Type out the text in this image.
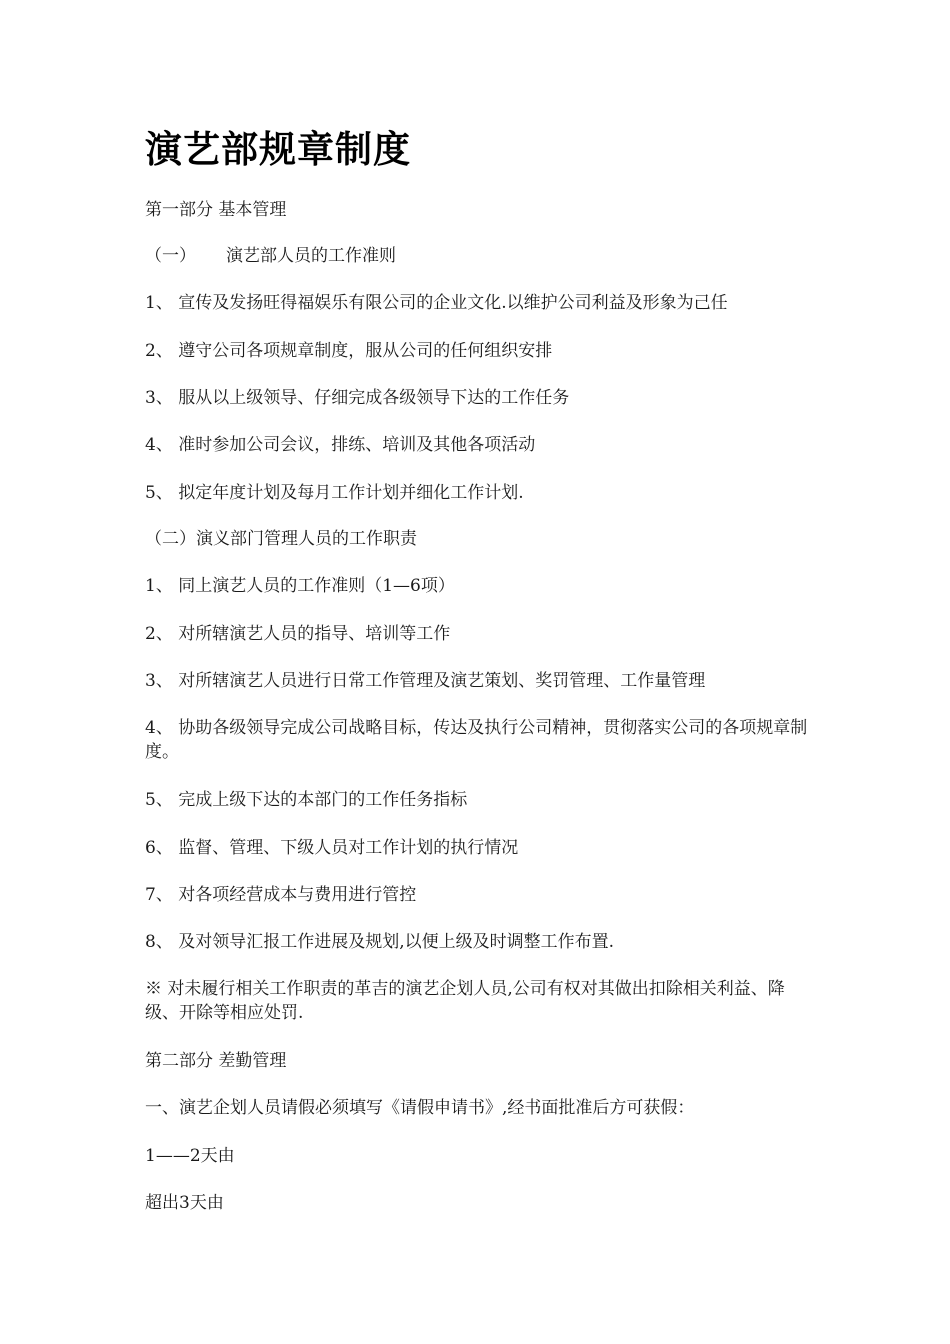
演艺部规章制度

第一部分 基本管理

（一） 演艺部人员的工作准则

1、 宣传及发扬旺得福娱乐有限公司的企业文化.以维护公司利益及形象为己任

2、 遵守公司各项规章制度，服从公司的任何组织安排

3、 服从以上级领导、仔细完成各级领导下达的工作任务

4、 准时参加公司会议，排练、培训及其他各项活动

5、 拟定年度计划及每月工作计划并细化工作计划.

（二）演义部门管理人员的工作职责

1、 同上演艺人员的工作准则（1—6项）

2、 对所辖演艺人员的指导、培训等工作

3、 对所辖演艺人员进行日常工作管理及演艺策划、奖罚管理、工作量管理

4、 协助各级领导完成公司战略目标，传达及执行公司精神，贯彻落实公司的各项规章制度。

5、 完成上级下达的本部门的工作任务指标

6、 监督、管理、下级人员对工作计划的执行情况

7、 对各项经营成本与费用进行管控

8、 及对领导汇报工作进展及规划,以便上级及时调整工作布置.

※ 对未履行相关工作职责的革吉的演艺企划人员,公司有权对其做出扣除相关利益、降级、开除等相应处罚.

第二部分 差勤管理

一、演艺企划人员请假必须填写《请假申请书》,经书面批准后方可获假：

1——2天由

超出3天由
